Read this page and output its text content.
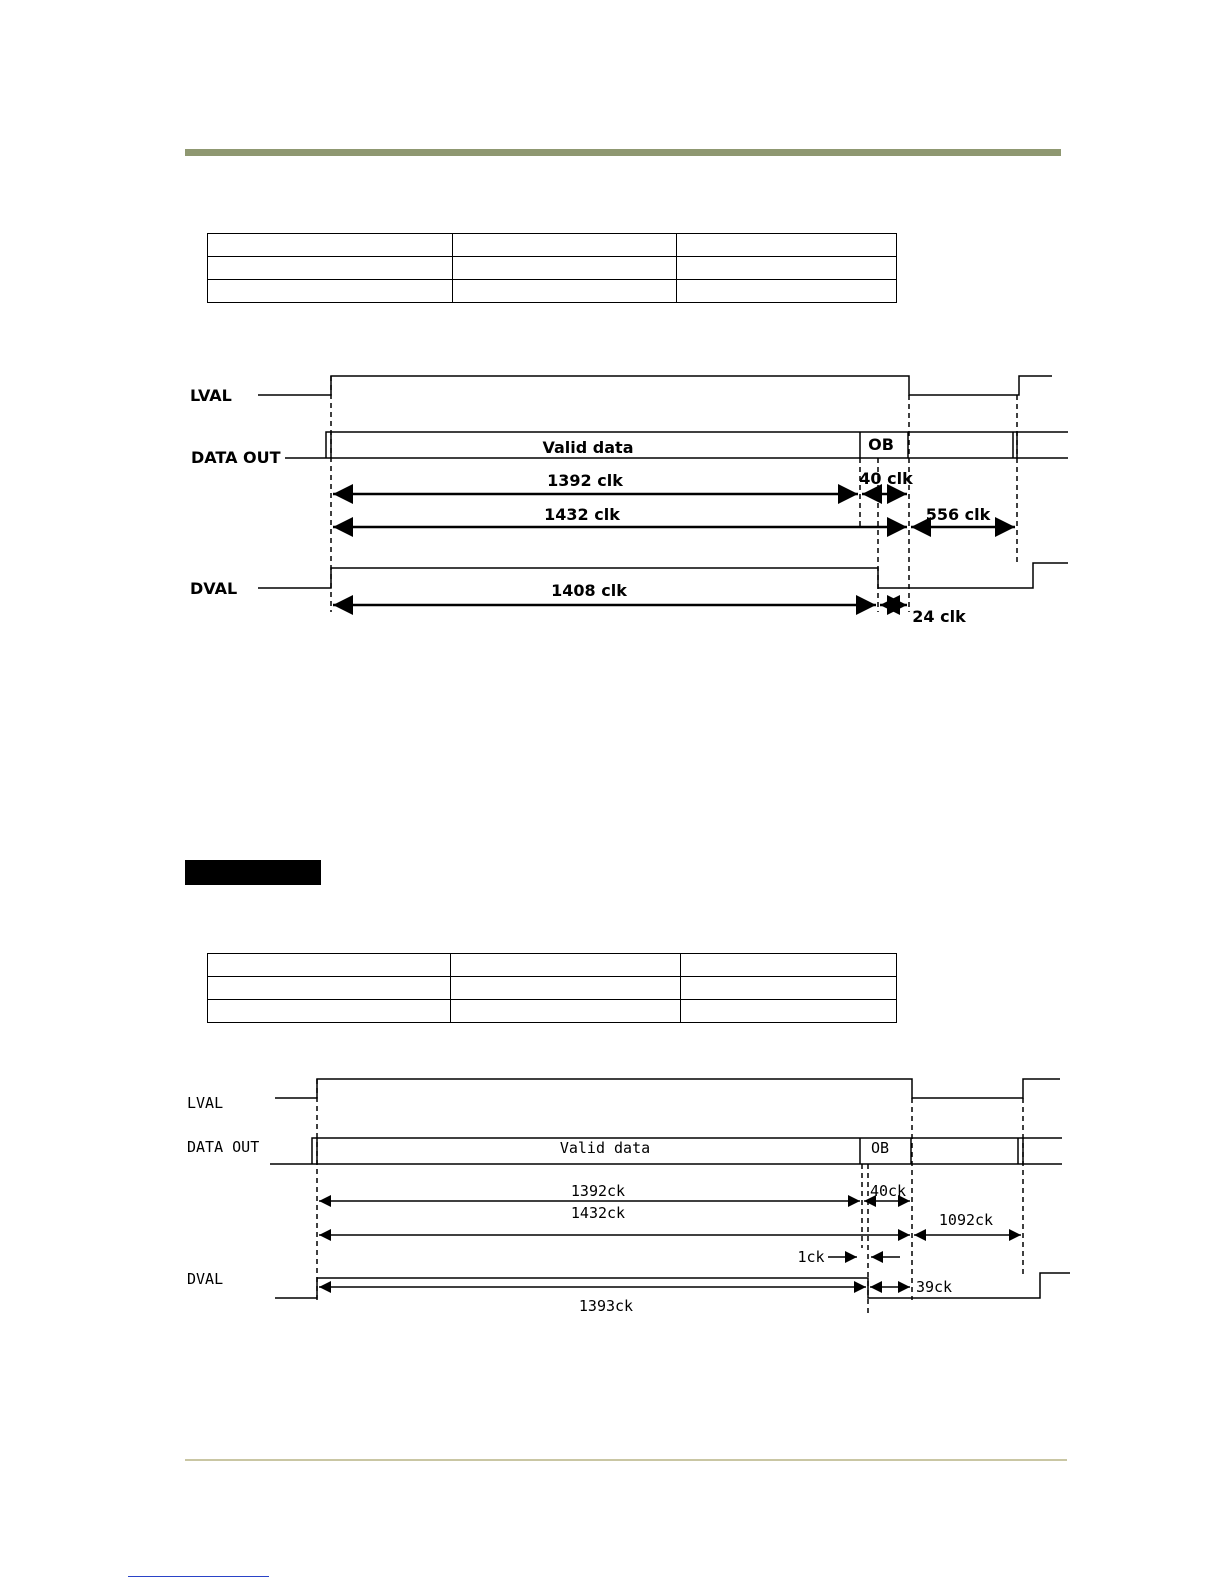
LVAL
DATA OUT
Valid data	OB
DVAL
1392 clk	40 clk
1432 clk	556 clk
1408 clk
24 clk
LVAL
DATA OUT	Valid data	OB
DVAL
1392ck	40ck
1432ck	1092ck
1ck
1393ck
39ck
